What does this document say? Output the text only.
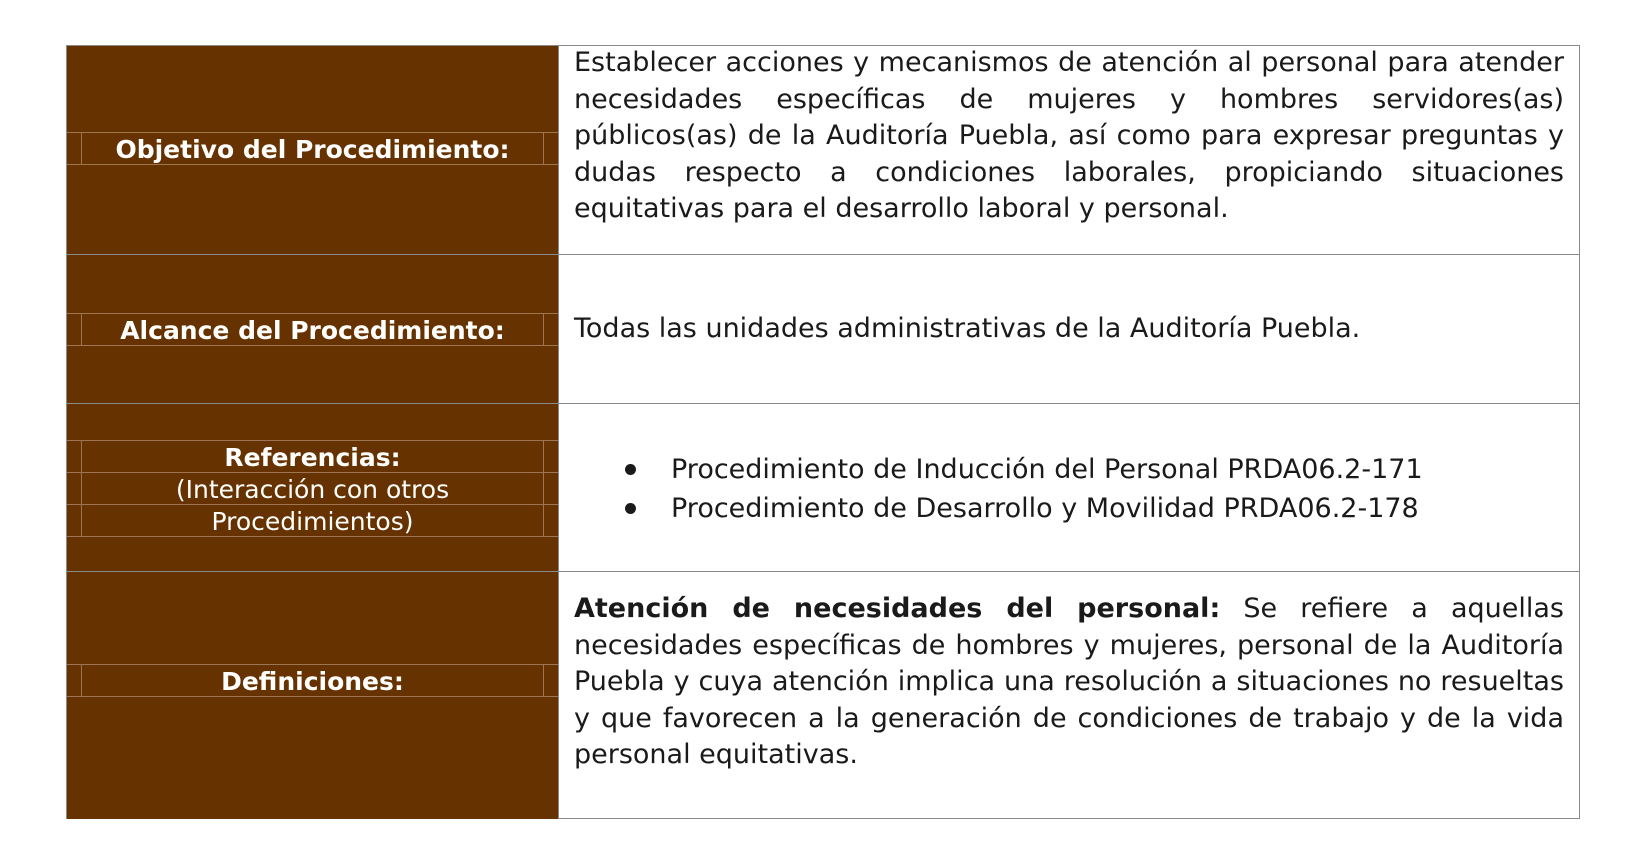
Objetivo del Procedimiento:
Establecer acciones y mecanismos de atención al personal para atender necesidades específicas de mujeres y hombres servidores(as) públicos(as) de la Auditoría Puebla, así como para expresar preguntas y dudas respecto a condiciones laborales, propiciando situaciones equitativas para el desarrollo laboral y personal.
Alcance del Procedimiento:	Todas las unidades administrativas de la Auditoría Puebla.
Referencias:
(Interacción con otros
Procedimientos)
Procedimiento de Inducción del Personal PRDA06.2-171
Procedimiento de Desarrollo y Movilidad PRDA06.2-178
Definiciones:
Atención de necesidades del personal: Se refiere a aquellas necesidades específicas de hombres y mujeres, personal de la Auditoría Puebla y cuya atención implica una resolución a situaciones no resueltas y que favorecen a la generación de condiciones de trabajo y de la vida personal equitativas.
